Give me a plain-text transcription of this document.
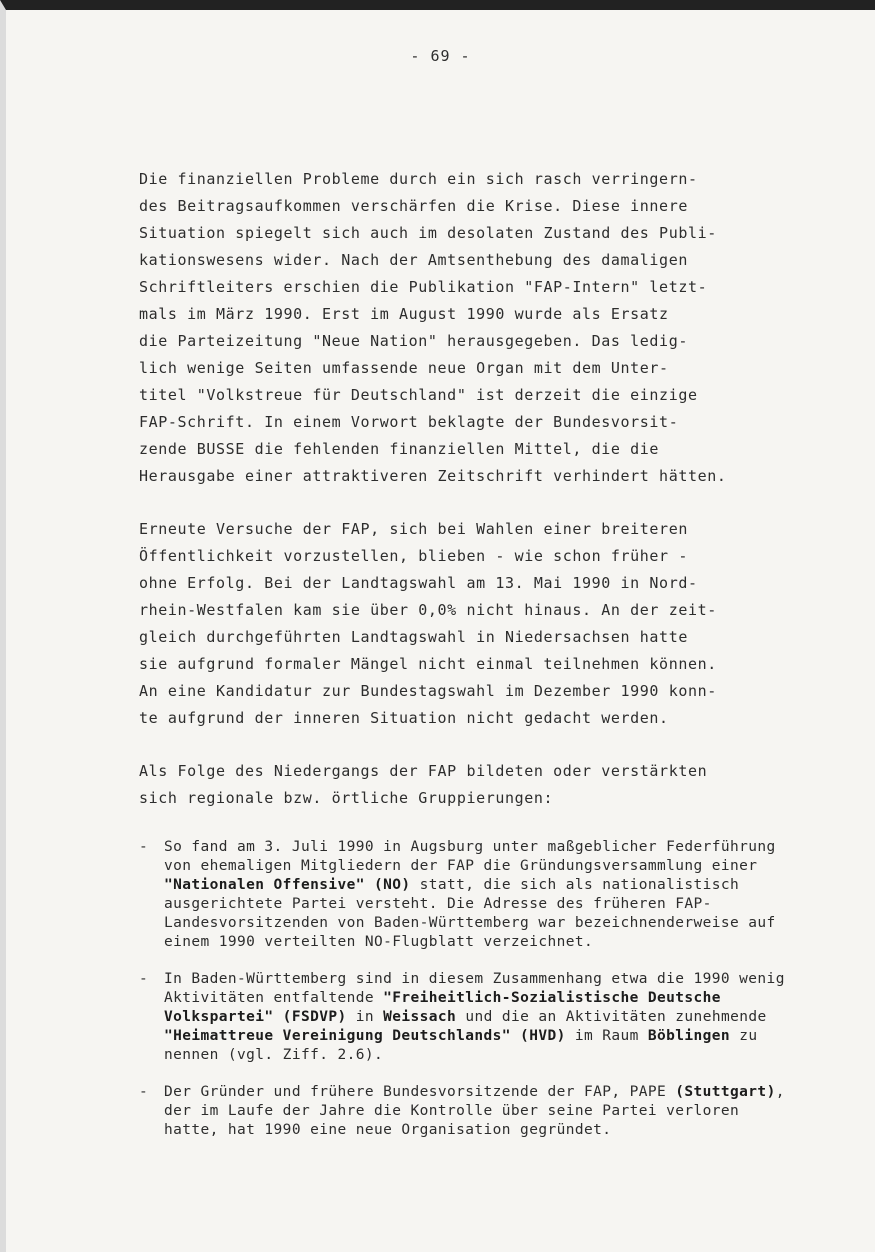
- 69 -

Die finanziellen Probleme durch ein sich rasch verringern-
des Beitragsaufkommen verschärfen die Krise. Diese innere
Situation spiegelt sich auch im desolaten Zustand des Publi-
kationswesens wider. Nach der Amtsenthebung des damaligen
Schriftleiters erschien die Publikation "FAP-Intern" letzt-
mals im März 1990. Erst im August 1990 wurde als Ersatz
die Parteizeitung "Neue Nation" herausgegeben. Das ledig-
lich wenige Seiten umfassende neue Organ mit dem Unter-
titel "Volkstreue für Deutschland" ist derzeit die einzige
FAP-Schrift. In einem Vorwort beklagte der Bundesvorsit-
zende BUSSE die fehlenden finanziellen Mittel, die die
Herausgabe einer attraktiveren Zeitschrift verhindert hätten.

Erneute Versuche der FAP, sich bei Wahlen einer breiteren
Öffentlichkeit vorzustellen, blieben - wie schon früher -
ohne Erfolg. Bei der Landtagswahl am 13. Mai 1990 in Nord-
rhein-Westfalen kam sie über 0,0% nicht hinaus. An der zeit-
gleich durchgeführten Landtagswahl in Niedersachsen hatte
sie aufgrund formaler Mängel nicht einmal teilnehmen können.
An eine Kandidatur zur Bundestagswahl im Dezember 1990 konn-
te aufgrund der inneren Situation nicht gedacht werden.

Als Folge des Niedergangs der FAP bildeten oder verstärkten
sich regionale bzw. örtliche Gruppierungen:

- So fand am 3. Juli 1990 in Augsburg unter maßgeblicher Federführung von ehemaligen Mitgliedern der FAP die Gründungsversammlung einer "Nationalen Offensive" (NO) statt, die sich als nationalistisch ausgerichtete Partei versteht. Die Adresse des früheren FAP-Landesvorsitzenden von Baden-Württemberg war bezeichnenderweise auf einem 1990 verteilten NO-Flugblatt verzeichnet.
- In Baden-Württemberg sind in diesem Zusammenhang etwa die 1990 wenig Aktivitäten entfaltende "Freiheitlich-Sozialistische Deutsche Volkspartei" (FSDVP) in Weissach und die an Aktivitäten zunehmende "Heimattreue Vereinigung Deutschlands" (HVD) im Raum Böblingen zu nennen (vgl. Ziff. 2.6).
- Der Gründer und frühere Bundesvorsitzende der FAP, PAPE (Stuttgart), der im Laufe der Jahre die Kontrolle über seine Partei verloren hatte, hat 1990 eine neue Organisation gegründet.
